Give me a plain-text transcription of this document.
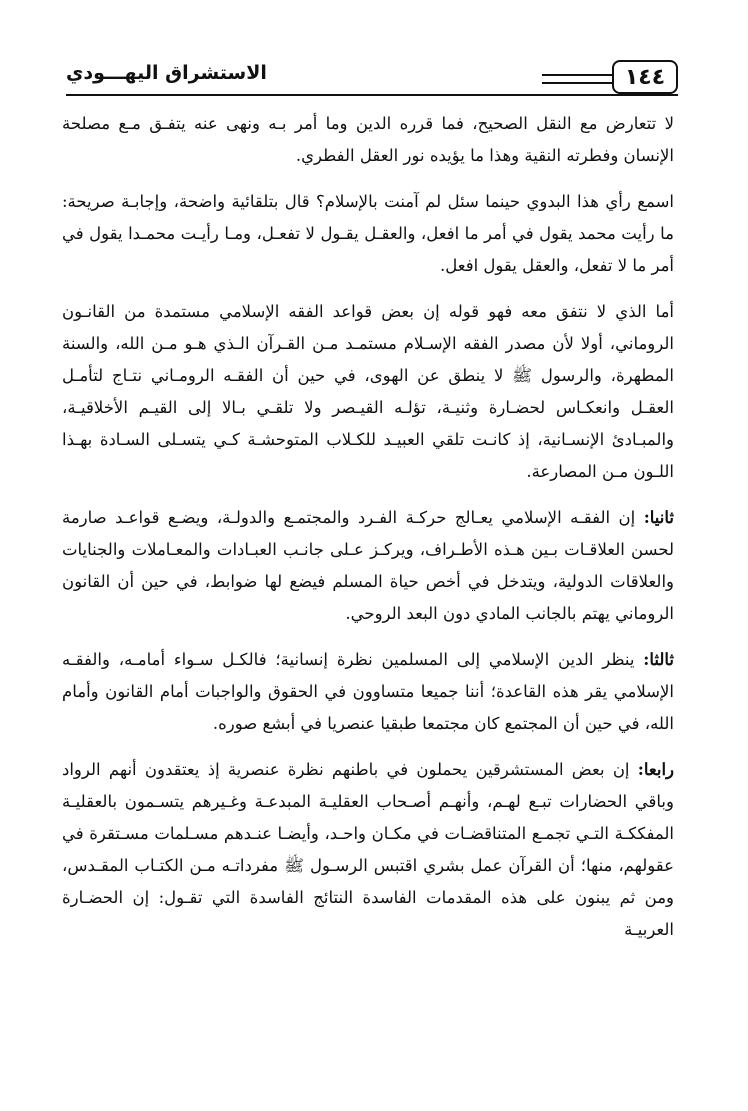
١٤٤
الاستشراق اليهـــودي

لا تتعارض مع النقل الصحيح، فما قرره الدين وما أمر بـه ونهى عنه يتفـق مـع مصلحة الإنسان وفطرته النقية وهذا ما يؤيده نور العقل الفطري.

اسمع رأي هذا البدوي حينما سئل لم آمنت بالإسلام؟ قال بتلقائية واضحة، وإجابـة صريحة: ما رأيت محمد يقول في أمر ما افعل، والعقـل يقـول لا تفعـل، ومـا رأيـت محمـدا يقول في أمر ما لا تفعل، والعقل يقول افعل.

أما الذي لا نتفق معه فهو قوله إن بعض قواعد الفقه الإسلامي مستمدة من القانـون الروماني، أولا لأن مصدر الفقه الإسـلام مستمـد مـن القـرآن الـذي هـو مـن الله، والسنة المطهرة، والرسول ﷺ لا ينطق عن الهوى، في حين أن الفقـه الرومـاني نتـاج لتأمـل العقـل وانعكـاس لحضـارة وثنيـة، تؤلـه القيـصر ولا تلقـي بـالا إلى القيـم الأخلاقيـة، والمبـادئ الإنسـانية، إذ كانـت تلقي العبيـد للكـلاب المتوحشـة كـي يتسـلى السـادة بهـذا اللـون مـن المصارعة.

ثانيا: إن الفقـه الإسلامي يعـالج حركـة الفـرد والمجتمـع والدولـة، ويضـع قواعـد صارمة لحسن العلاقـات بـين هـذه الأطـراف، ويركـز عـلى جانـب العبـادات والمعـاملات والجنايات والعلاقات الدولية، ويتدخل في أخص حياة المسلم فيضع لها ضوابط، في حين أن القانون الروماني يهتم بالجانب المادي دون البعد الروحي.

ثالثا: ينظر الدين الإسلامي إلى المسلمين نظرة إنسانية؛ فالكـل سـواء أمامـه، والفقـه الإسلامي يقر هذه القاعدة؛ أننا جميعا متساوون في الحقوق والواجبات أمام القانون وأمام الله، في حين أن المجتمع كان مجتمعا طبقيا عنصريا في أبشع صوره.

رابعا: إن بعض المستشرقين يحملون في باطنهم نظرة عنصرية إذ يعتقدون أنهم الرواد وباقي الحضارات تبـع لهـم، وأنهـم أصـحاب العقليـة المبدعـة وغـيرهم يتسـمون بالعقليـة المفككـة التـي تجمـع المتناقضـات في مكـان واحـد، وأيضـا عنـدهم مسـلمات مسـتقرة في عقولهم، منها؛ أن القرآن عمل بشري اقتبس الرسـول ﷺ مفرداتـه مـن الكتـاب المقـدس، ومن ثم يبنون على هذه المقدمات الفاسدة النتائج الفاسدة التي تقـول: إن الحضـارة العربيـة
